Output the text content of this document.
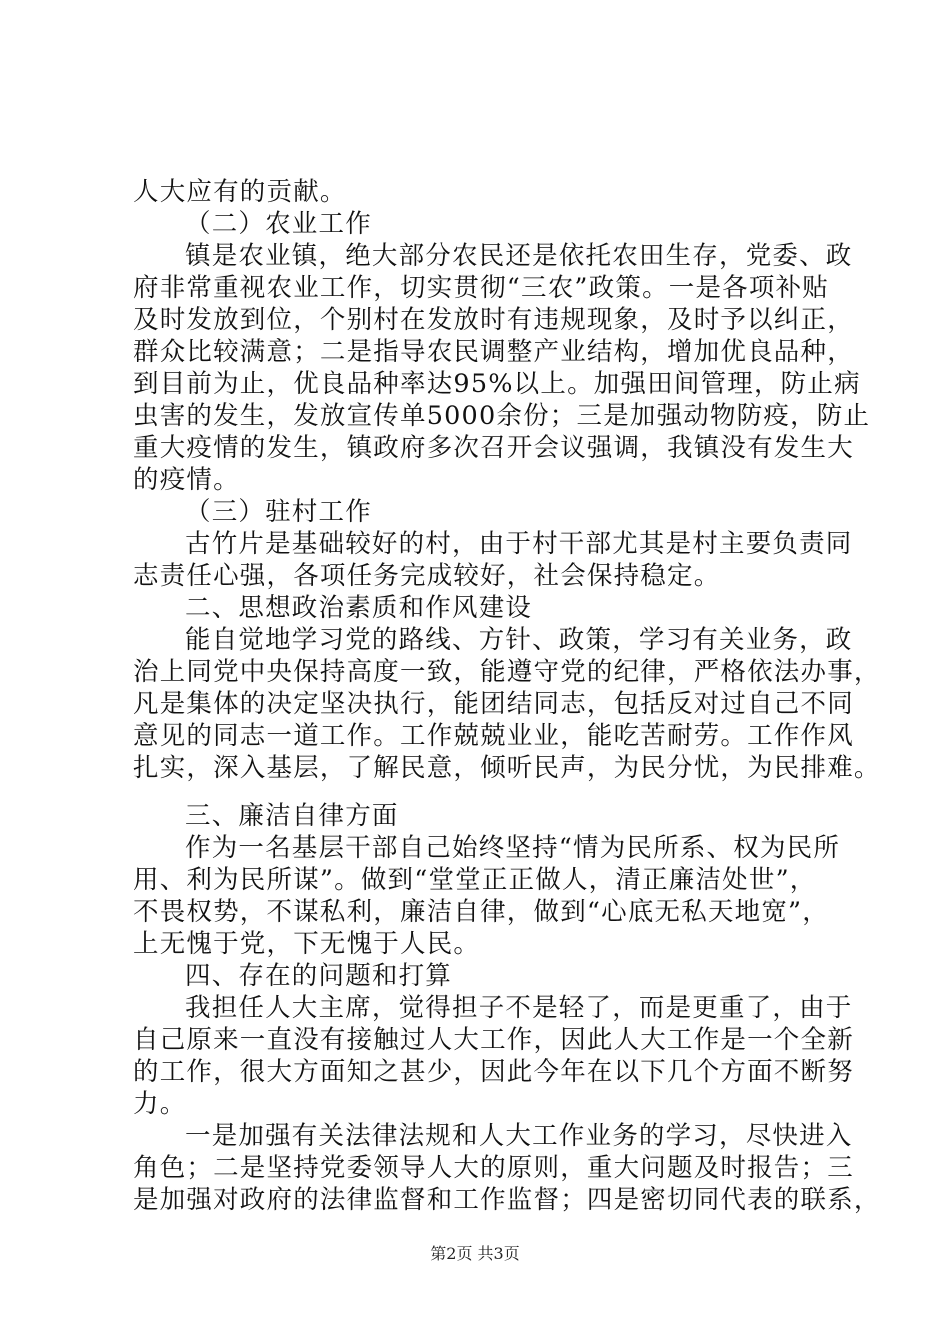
人大应有的贡献。
（二）农业工作
镇是农业镇，绝大部分农民还是依托农田生存，党委、政
府非常重视农业工作，切实贯彻“三农”政策。一是各项补贴
及时发放到位，个别村在发放时有违规现象，及时予以纠正，
群众比较满意；二是指导农民调整产业结构，增加优良品种，
到目前为止，优良品种率达95%以上。加强田间管理，防止病
虫害的发生，发放宣传单5000余份；三是加强动物防疫，防止
重大疫情的发生，镇政府多次召开会议强调，我镇没有发生大
的疫情。
（三）驻村工作
古竹片是基础较好的村，由于村干部尤其是村主要负责同
志责任心强，各项任务完成较好，社会保持稳定。
二、思想政治素质和作风建设
能自觉地学习党的路线、方针、政策，学习有关业务，政
治上同党中央保持高度一致，能遵守党的纪律，严格依法办事，
凡是集体的决定坚决执行，能团结同志，包括反对过自己不同
意见的同志一道工作。工作兢兢业业，能吃苦耐劳。工作作风
扎实，深入基层，了解民意，倾听民声，为民分忧，为民排难。
三、廉洁自律方面
作为一名基层干部自己始终坚持“情为民所系、权为民所
用、利为民所谋”。做到“堂堂正正做人，清正廉洁处世”，
不畏权势，不谋私利，廉洁自律，做到“心底无私天地宽”，
上无愧于党，下无愧于人民。
四、存在的问题和打算
我担任人大主席，觉得担子不是轻了，而是更重了，由于
自己原来一直没有接触过人大工作，因此人大工作是一个全新
的工作，很大方面知之甚少，因此今年在以下几个方面不断努
力。
一是加强有关法律法规和人大工作业务的学习，尽快进入
角色；二是坚持党委领导人大的原则，重大问题及时报告；三
是加强对政府的法律监督和工作监督；四是密切同代表的联系，
第2页 共3页
